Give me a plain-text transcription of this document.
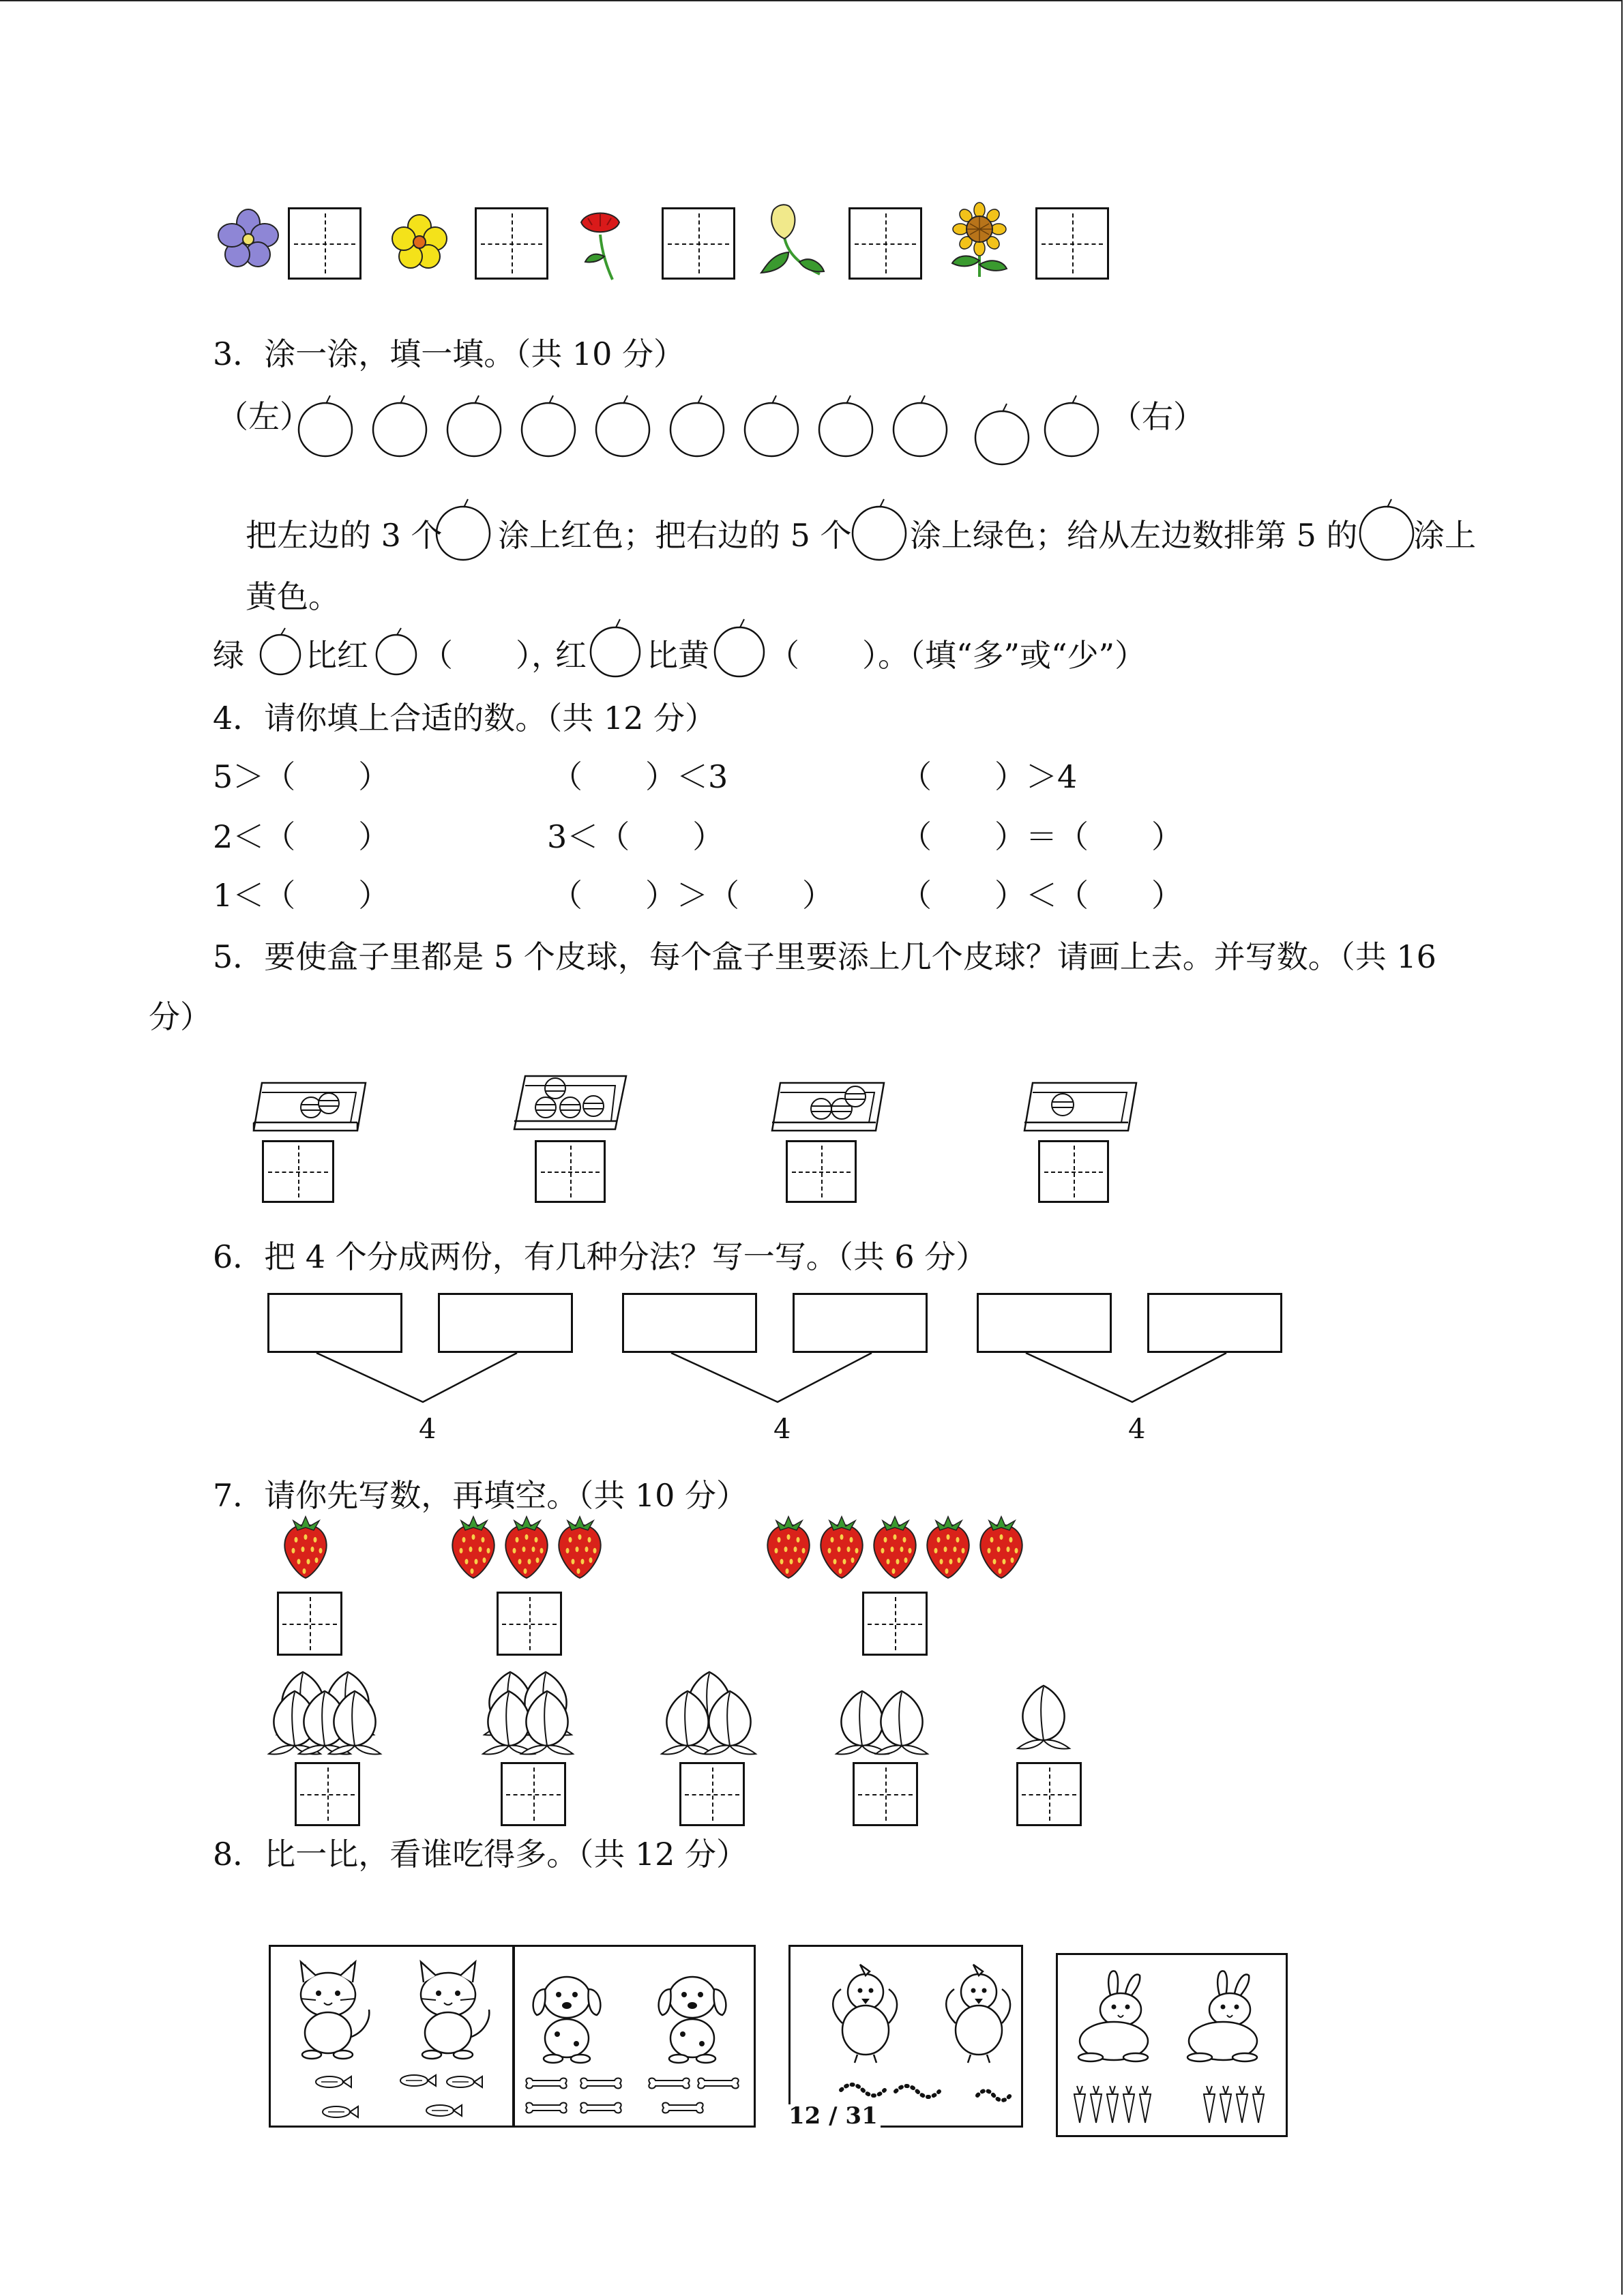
3．涂一涂，填一填。（共 10 分）
（左）	（右）
把左边的 3 个 涂上红色；把右边的 5 个 涂上绿色；给从左边数排第 5 的 涂上
黄色。
绿 比红 （　　），
红 比黄 （　　）。（填“多”或“少”）
4．请你填上合适的数。（共 12 分）
5＞（　　）	（　　）＜3	（　　）＞4
2＜（　　）	3＜（　　）	（　　）＝（　　）
1＜（　　）	（　　）＞（　　） （　　）＜（　　）
5．要使盒子里都是 5 个皮球，每个盒子里要添上几个皮球？请画上去。并写数。（共 16
分）
6．把 4 个分成两份，有几种分法？写一写。（共 6 分）
4	4	4
7．请你先写数，再填空。（共 10 分）
8．比一比，看谁吃得多。（共 12 分）
12 / 31
